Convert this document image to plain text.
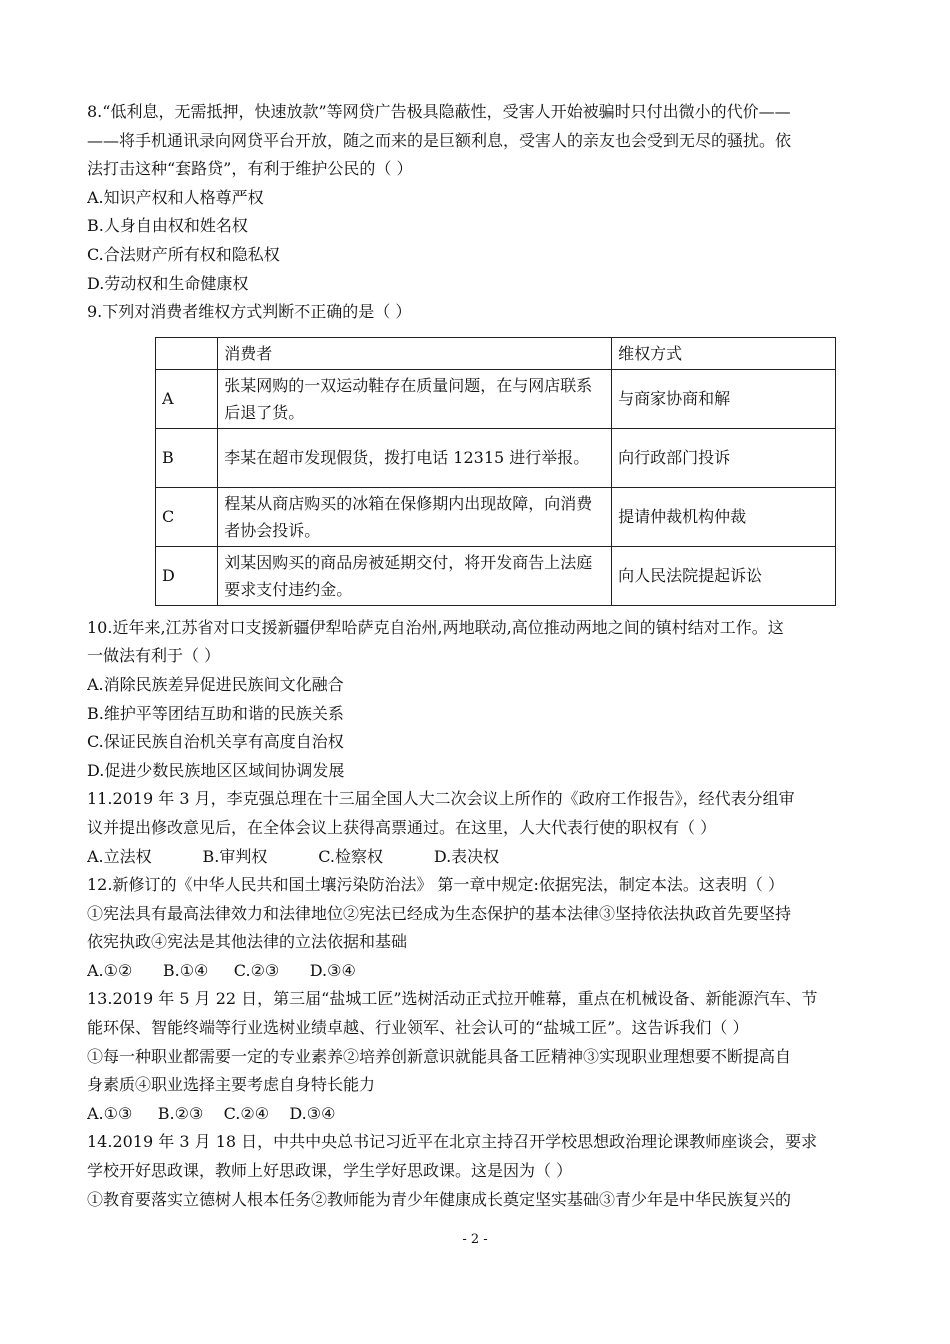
8.“低利息，无需抵押，快速放款”等网贷广告极具隐蔽性，受害人开始被骗时只付出微小的代价——
——将手机通讯录向网贷平台开放，随之而来的是巨额利息，受害人的亲友也会受到无尽的骚扰。依
法打击这种“套路贷”，有利于维护公民的（ ）
A.知识产权和人格尊严权
B.人身自由权和姓名权
C.合法财产所有权和隐私权
D.劳动权和生命健康权
9.下列对消费者维权方式判断不正确的是（ ）
	消费者	维权方式
A	张某网购的一双运动鞋存在质量问题，在与网店联系后退了货。	与商家协商和解
B	李某在超市发现假货，拨打电话 12315 进行举报。	向行政部门投诉
C	程某从商店购买的冰箱在保修期内出现故障，向消费者协会投诉。	提请仲裁机构仲裁
D	刘某因购买的商品房被延期交付，将开发商告上法庭要求支付违约金。	向人民法院提起诉讼
10.近年来,江苏省对口支援新疆伊犁哈萨克自治州,两地联动,高位推动两地之间的镇村结对工作。这
一做法有利于（ ）
A.消除民族差异促进民族间文化融合
B.维护平等团结互助和谐的民族关系
C.保证民族自治机关享有高度自治权
D.促进少数民族地区区域间协调发展
11.2019 年 3 月，李克强总理在十三届全国人大二次会议上所作的《政府工作报告》，经代表分组审
议并提出修改意见后，在全体会议上获得高票通过。在这里，人大代表行使的职权有（ ）
A.立法权          B.审判权          C.检察权          D.表决权
12.新修订的《中华人民共和国土壤污染防治法》 第一章中规定:依据宪法，制定本法。这表明（ ）
①宪法具有最高法律效力和法律地位②宪法已经成为生态保护的基本法律③坚持依法执政首先要坚持
依宪执政④宪法是其他法律的立法依据和基础
A.①②      B.①④     C.②③      D.③④
13.2019 年 5 月 22 日，第三届“盐城工匠”选树活动正式拉开帷幕，重点在机械设备、新能源汽车、节
能环保、智能终端等行业选树业绩卓越、行业领军、社会认可的“盐城工匠”。这告诉我们（ ）
①每一种职业都需要一定的专业素养②培养创新意识就能具备工匠精神③实现职业理想要不断提高自
身素质④职业选择主要考虑自身特长能力
A.①③     B.②③    C.②④    D.③④
14.2019 年 3 月 18 日，中共中央总书记习近平在北京主持召开学校思想政治理论课教师座谈会，要求
学校开好思政课，教师上好思政课，学生学好思政课。这是因为（ ）
①教育要落实立德树人根本任务②教师能为青少年健康成长奠定坚实基础③青少年是中华民族复兴的
- 2 -
